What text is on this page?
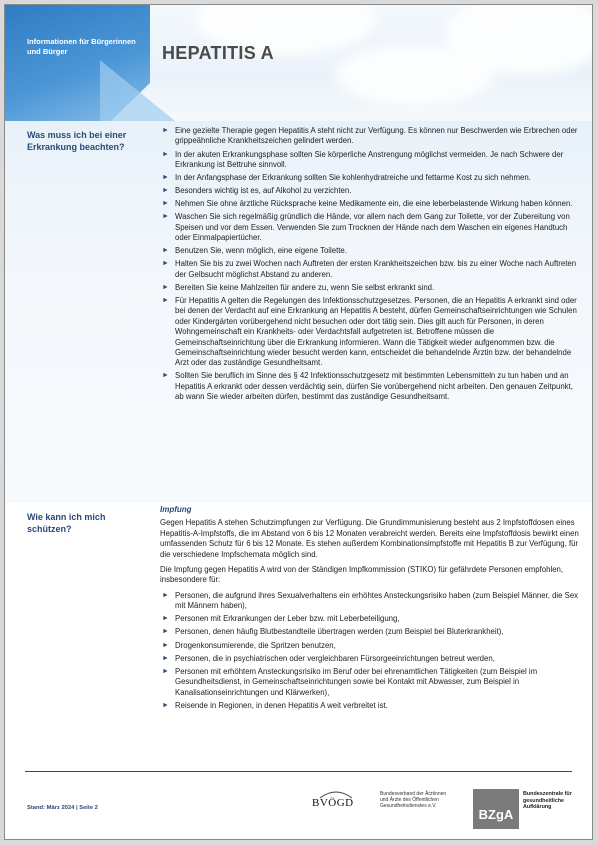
Informationen für Bürgerinnen und Bürger	HEPATITIS A
Was muss ich bei einer Erkrankung beachten?
► Eine gezielte Therapie gegen Hepatitis A steht nicht zur Verfügung. Es können nur Beschwerden wie Erbrechen oder grippeähnliche Krankheitszeichen gelindert werden.
► In der akuten Erkrankungsphase sollten Sie körperliche Anstrengung möglichst vermeiden. Je nach Schwere der Erkrankung ist Bettruhe sinnvoll.
► In der Anfangsphase der Erkrankung sollten Sie kohlenhydratreiche und fettarme Kost zu sich nehmen.
► Besonders wichtig ist es, auf Alkohol zu verzichten.
► Nehmen Sie ohne ärztliche Rücksprache keine Medikamente ein, die eine leberbelastende Wirkung haben können.
► Waschen Sie sich regelmäßig gründlich die Hände, vor allem nach dem Gang zur Toilette, vor der Zubereitung von Speisen und vor dem Essen. Verwenden Sie zum Trocknen der Hände nach dem Waschen ein eigenes Handtuch oder Einmalpapiertücher.
► Benutzen Sie, wenn möglich, eine eigene Toilette.
► Halten Sie bis zu zwei Wochen nach Auftreten der ersten Krankheitszeichen bzw. bis zu einer Woche nach Auftreten der Gelbsucht möglichst Abstand zu anderen.
► Bereiten Sie keine Mahlzeiten für andere zu, wenn Sie selbst erkrankt sind.
► Für Hepatitis A gelten die Regelungen des Infektionsschutzgesetzes. Personen, die an Hepatitis A erkrankt sind oder bei denen der Verdacht auf eine Erkrankung an Hepatitis A besteht, dürfen Gemeinschaftseinrichtungen wie Schulen oder Kindergärten vorübergehend nicht besuchen oder dort tätig sein. Dies gilt auch für Personen, in deren Wohngemeinschaft ein Krankheits- oder Verdachtsfall aufgetreten ist. Betroffene müssen die Gemeinschaftseinrichtung über die Erkrankung informieren. Wann die Tätigkeit wieder aufgenommen bzw. die Gemeinschaftseinrichtung wieder besucht werden kann, entscheidet die behandelnde Ärztin bzw. der behandelnde Arzt oder das zuständige Gesundheitsamt.
► Sollten Sie beruflich im Sinne des § 42 Infektionsschutzgesetz mit bestimmten Lebensmitteln zu tun haben und an Hepatitis A erkrankt oder dessen verdächtig sein, dürfen Sie vorübergehend nicht arbeiten. Den genauen Zeitpunkt, ab wann Sie wieder arbeiten dürfen, bestimmt das zuständige Gesundheitsamt.
Wie kann ich mich schützen?
Impfung

Gegen Hepatitis A stehen Schutzimpfungen zur Verfügung. Die Grundimmunisierung besteht aus 2 Impfstoffdosen eines Hepatitis-A-Impfstoffs, die im Abstand von 6 bis 12 Monaten verabreicht werden. Bereits eine Impfstoffdosis bewirkt einen umfassenden Schutz für 6 bis 12 Monate. Es stehen außerdem Kombinationsimpfstoffe mit Hepatitis B zur Verfügung, für die verschiedene Impfschemata möglich sind.

Die Impfung gegen Hepatitis A wird von der Ständigen Impfkommission (STIKO) für gefährdete Personen empfohlen, insbesondere für:

► Personen, die aufgrund ihres Sexualverhaltens ein erhöhtes Ansteckungsrisiko haben (zum Beispiel Männer, die Sex mit Männern haben),
► Personen mit Erkrankungen der Leber bzw. mit Leberbeteiligung,
► Personen, denen häufig Blutbestandteile übertragen werden (zum Beispiel bei Bluterkrankheit),
► Drogenkonsumierende, die Spritzen benutzen,
► Personen, die in psychiatrischen oder vergleichbaren Fürsorgeeinrichtungen betreut werden,
► Personen mit erhöhtem Ansteckungsrisiko im Beruf oder bei ehrenamtlichen Tätigkeiten (zum Beispiel im Gesundheitsdienst, in Gemeinschaftseinrichtungen sowie bei Kontakt mit Abwasser, zum Beispiel in Kanalisationseinrichtungen und Klärwerken),
► Reisende in Regionen, in denen Hepatitis A weit verbreitet ist.
Stand: März 2024 | Seite 2	BVÖGD
Bundesverband der Ärztinnen und Ärzte des Öffentlichen Gesundheitsdienstes e.V.
BZgA
Bundeszentrale für gesundheitliche Aufklärung
